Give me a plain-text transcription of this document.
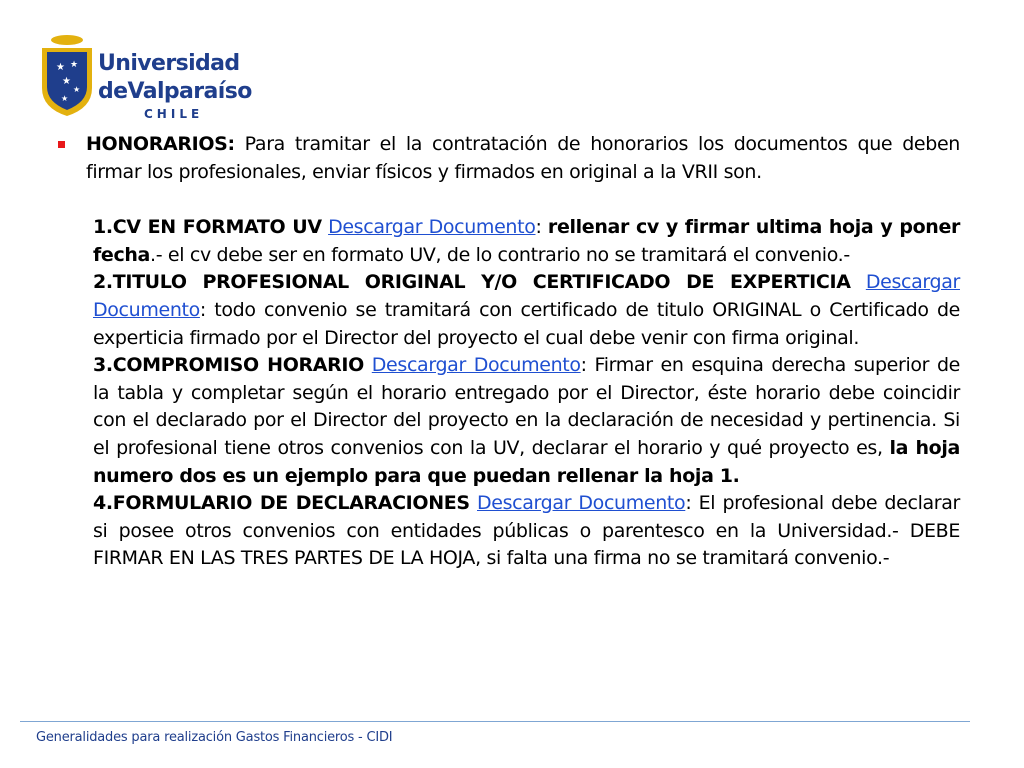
★ ★
★
★
★
Universidad
deValparaíso
CHILE
HONORARIOS: Para tramitar el la contratación de honorarios los documentos que deben firmar los profesionales, enviar físicos y firmados en original a la VRII son.

1.CV EN FORMATO UV Descargar Documento: rellenar cv y firmar ultima hoja y poner fecha.- el cv debe ser en formato UV, de lo contrario no se tramitará el convenio.-

2.TITULO PROFESIONAL ORIGINAL Y/O CERTIFICADO DE EXPERTICIA Descargar Documento: todo convenio se tramitará con certificado de titulo ORIGINAL o Certificado de experticia firmado por el Director del proyecto el cual debe venir con firma original.

3.COMPROMISO HORARIO Descargar Documento: Firmar en esquina derecha superior de la tabla y completar según el horario entregado por el Director, éste horario debe coincidir con el declarado por el Director del proyecto en la declaración de necesidad y pertinencia. Si el profesional tiene otros convenios con la UV, declarar el horario y qué proyecto es, la hoja numero dos es un ejemplo para que puedan rellenar la hoja 1.

4.FORMULARIO DE DECLARACIONES Descargar Documento: El profesional debe declarar si posee otros convenios con entidades públicas o parentesco en la Universidad.- DEBE FIRMAR EN LAS TRES PARTES DE LA HOJA, si falta una firma no se tramitará convenio.-

Generalidades para realización Gastos Financieros - CIDI
